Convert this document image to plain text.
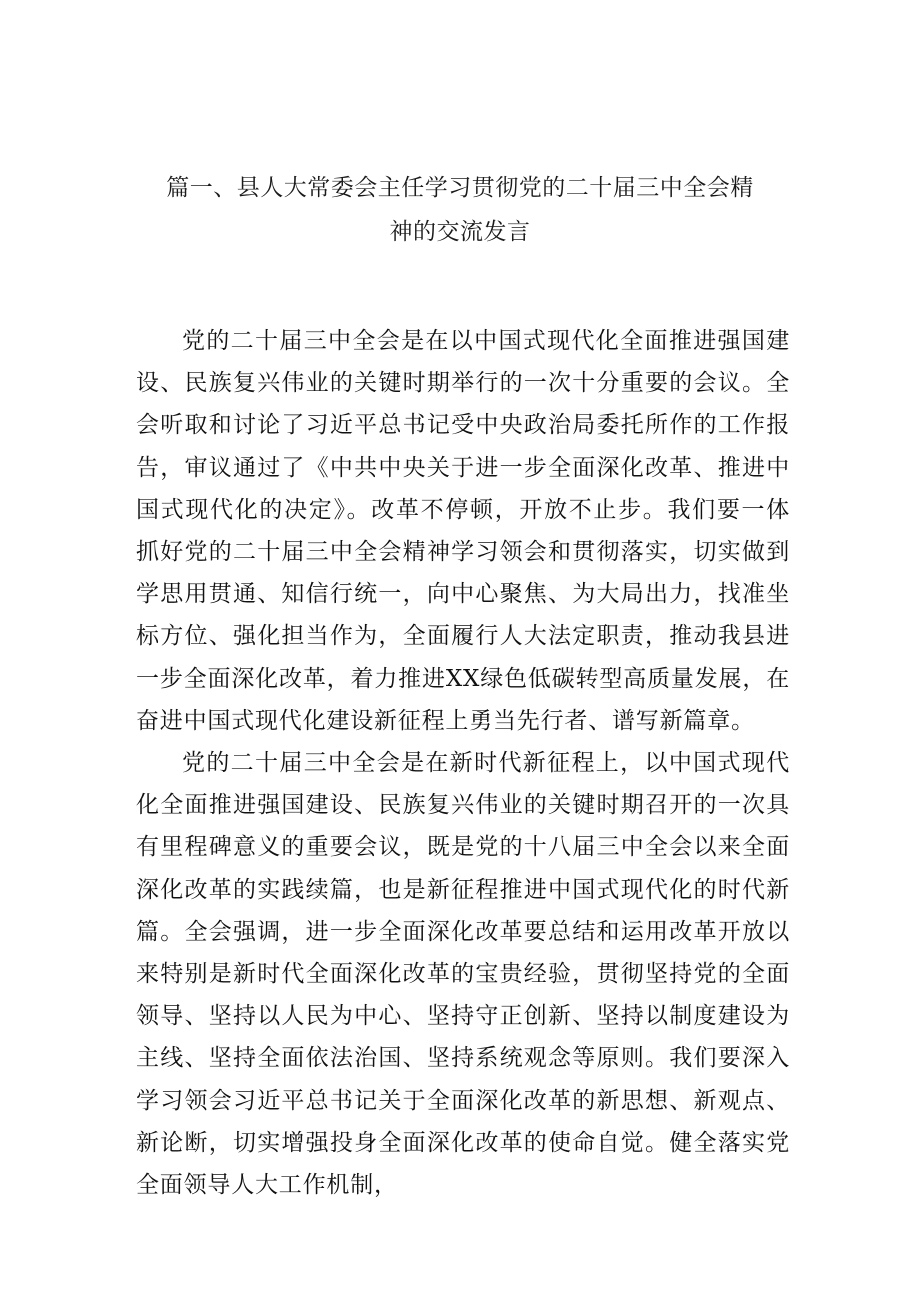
篇一、县人大常委会主任学习贯彻党的二十届三中全会精
神的交流发言

党的二十届三中全会是在以中国式现代化全面推进强国建设、民族复兴伟业的关键时期举行的一次十分重要的会议。全会听取和讨论了习近平总书记受中央政治局委托所作的工作报告，审议通过了《中共中央关于进一步全面深化改革、推进中国式现代化的决定》。改革不停顿，开放不止步。我们要一体抓好党的二十届三中全会精神学习领会和贯彻落实，切实做到学思用贯通、知信行统一，向中心聚焦、为大局出力，找准坐标方位、强化担当作为，全面履行人大法定职责，推动我县进一步全面深化改革，着力推进XX绿色低碳转型高质量发展，在奋进中国式现代化建设新征程上勇当先行者、谱写新篇章。

党的二十届三中全会是在新时代新征程上，以中国式现代化全面推进强国建设、民族复兴伟业的关键时期召开的一次具有里程碑意义的重要会议，既是党的十八届三中全会以来全面深化改革的实践续篇，也是新征程推进中国式现代化的时代新篇。全会强调，进一步全面深化改革要总结和运用改革开放以来特别是新时代全面深化改革的宝贵经验，贯彻坚持党的全面领导、坚持以人民为中心、坚持守正创新、坚持以制度建设为主线、坚持全面依法治国、坚持系统观念等原则。我们要深入学习领会习近平总书记关于全面深化改革的新思想、新观点、新论断，切实增强投身全面深化改革的使命自觉。健全落实党全面领导人大工作机制，
